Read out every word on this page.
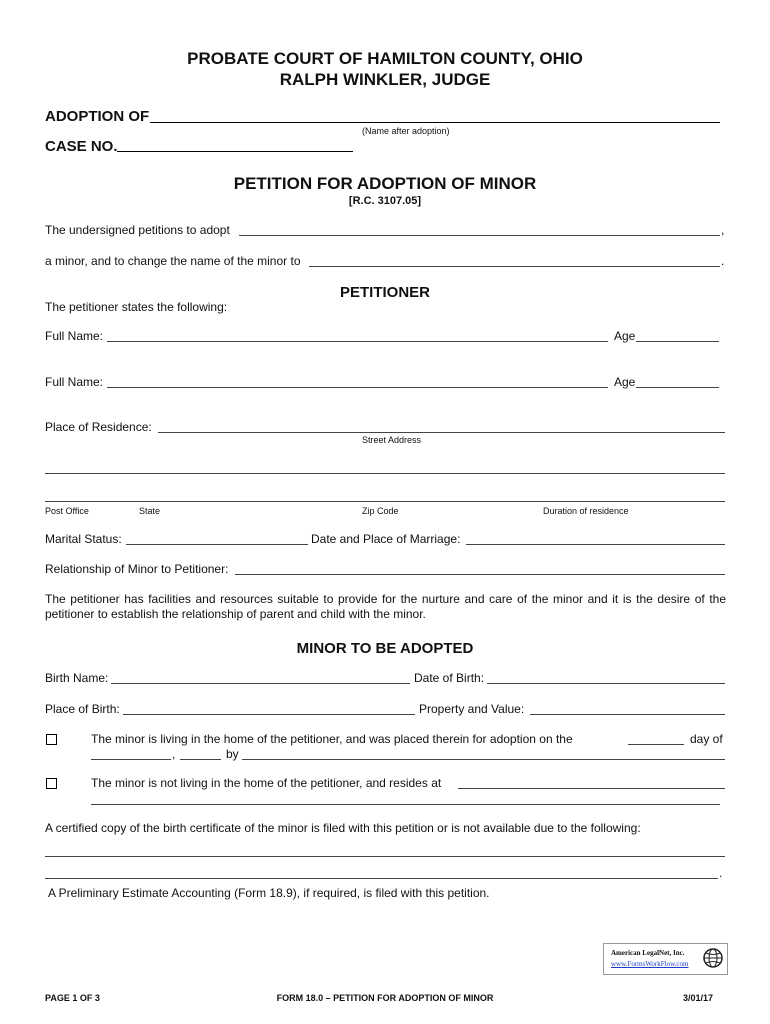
PROBATE COURT OF HAMILTON COUNTY, OHIO
RALPH WINKLER, JUDGE
ADOPTION OF
(Name after adoption)
CASE NO.
PETITION FOR ADOPTION OF MINOR
[R.C. 3107.05]
The undersigned petitions to adopt	,
a minor, and to change the name of the minor to	.
PETITIONER
The petitioner states the following:
Full Name:	Age
Full Name:	Age
Place of Residence:
Street Address
Post Office	State	Zip Code	Duration of residence
Marital Status:	Date and Place of Marriage:
Relationship of Minor to Petitioner:
The petitioner has facilities and resources suitable to provide for the nurture and care of the minor and it is the desire of the petitioner to establish the relationship of parent and child with the minor.
MINOR TO BE ADOPTED
Birth Name:	Date of Birth:
Place of Birth:	Property and Value:
The minor is living in the home of the petitioner, and was placed therein for adoption on the	day of
,	by
The minor is not living in the home of the petitioner, and resides at
A certified copy of the birth certificate of the minor is filed with this petition or is not available due to the following:
.
A Preliminary Estimate Accounting (Form 18.9), if required, is filed with this petition.
American LegalNet, Inc.
www.FormsWorkFlow.com
PAGE 1 OF 3	FORM 18.0 – PETITION FOR ADOPTION OF MINOR	3/01/17
